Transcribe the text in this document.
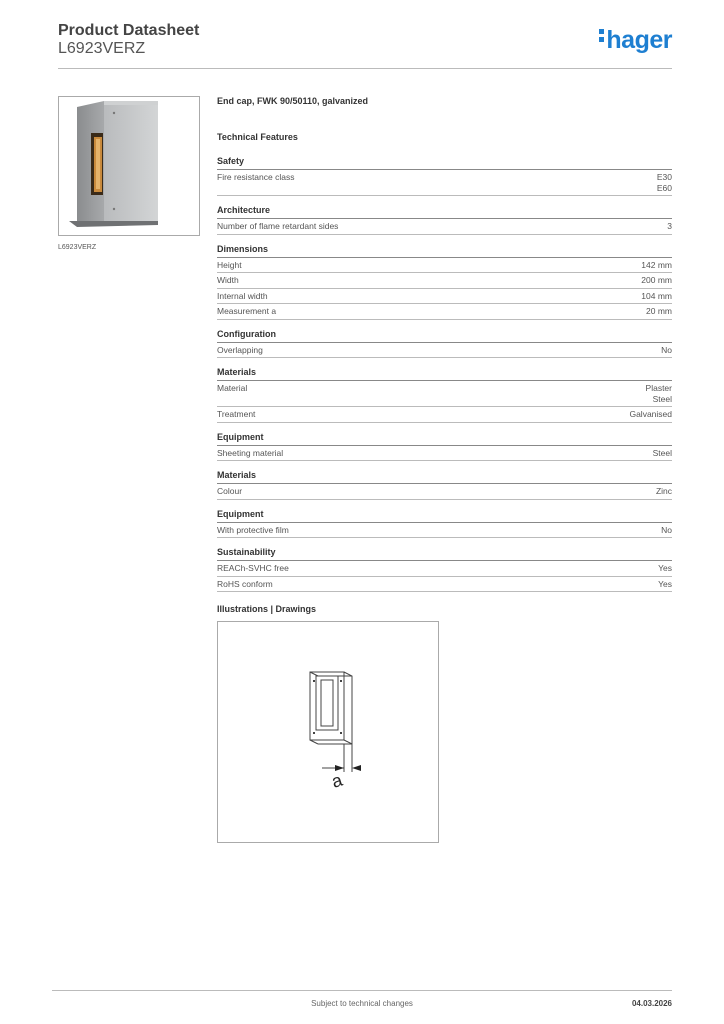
Product Datasheet
L6923VERZ	hager
L6923VERZ
End cap, FWK 90/50110, galvanized
Technical Features
Safety
Fire resistance class	E30
E60
Architecture
Number of flame retardant sides	3
Dimensions
Height	142 mm
Width	200 mm
Internal width	104 mm
Measurement a	20 mm
Configuration
Overlapping	No
Materials
Material	Plaster
Steel
Treatment	Galvanised
Equipment
Sheeting material	Steel
Materials
Colour	Zinc
Equipment
With protective film	No
Sustainability
REACh-SVHC free	Yes
RoHS conform	Yes
Illustrations | Drawings
a
Subject to technical changes	04.03.2026
